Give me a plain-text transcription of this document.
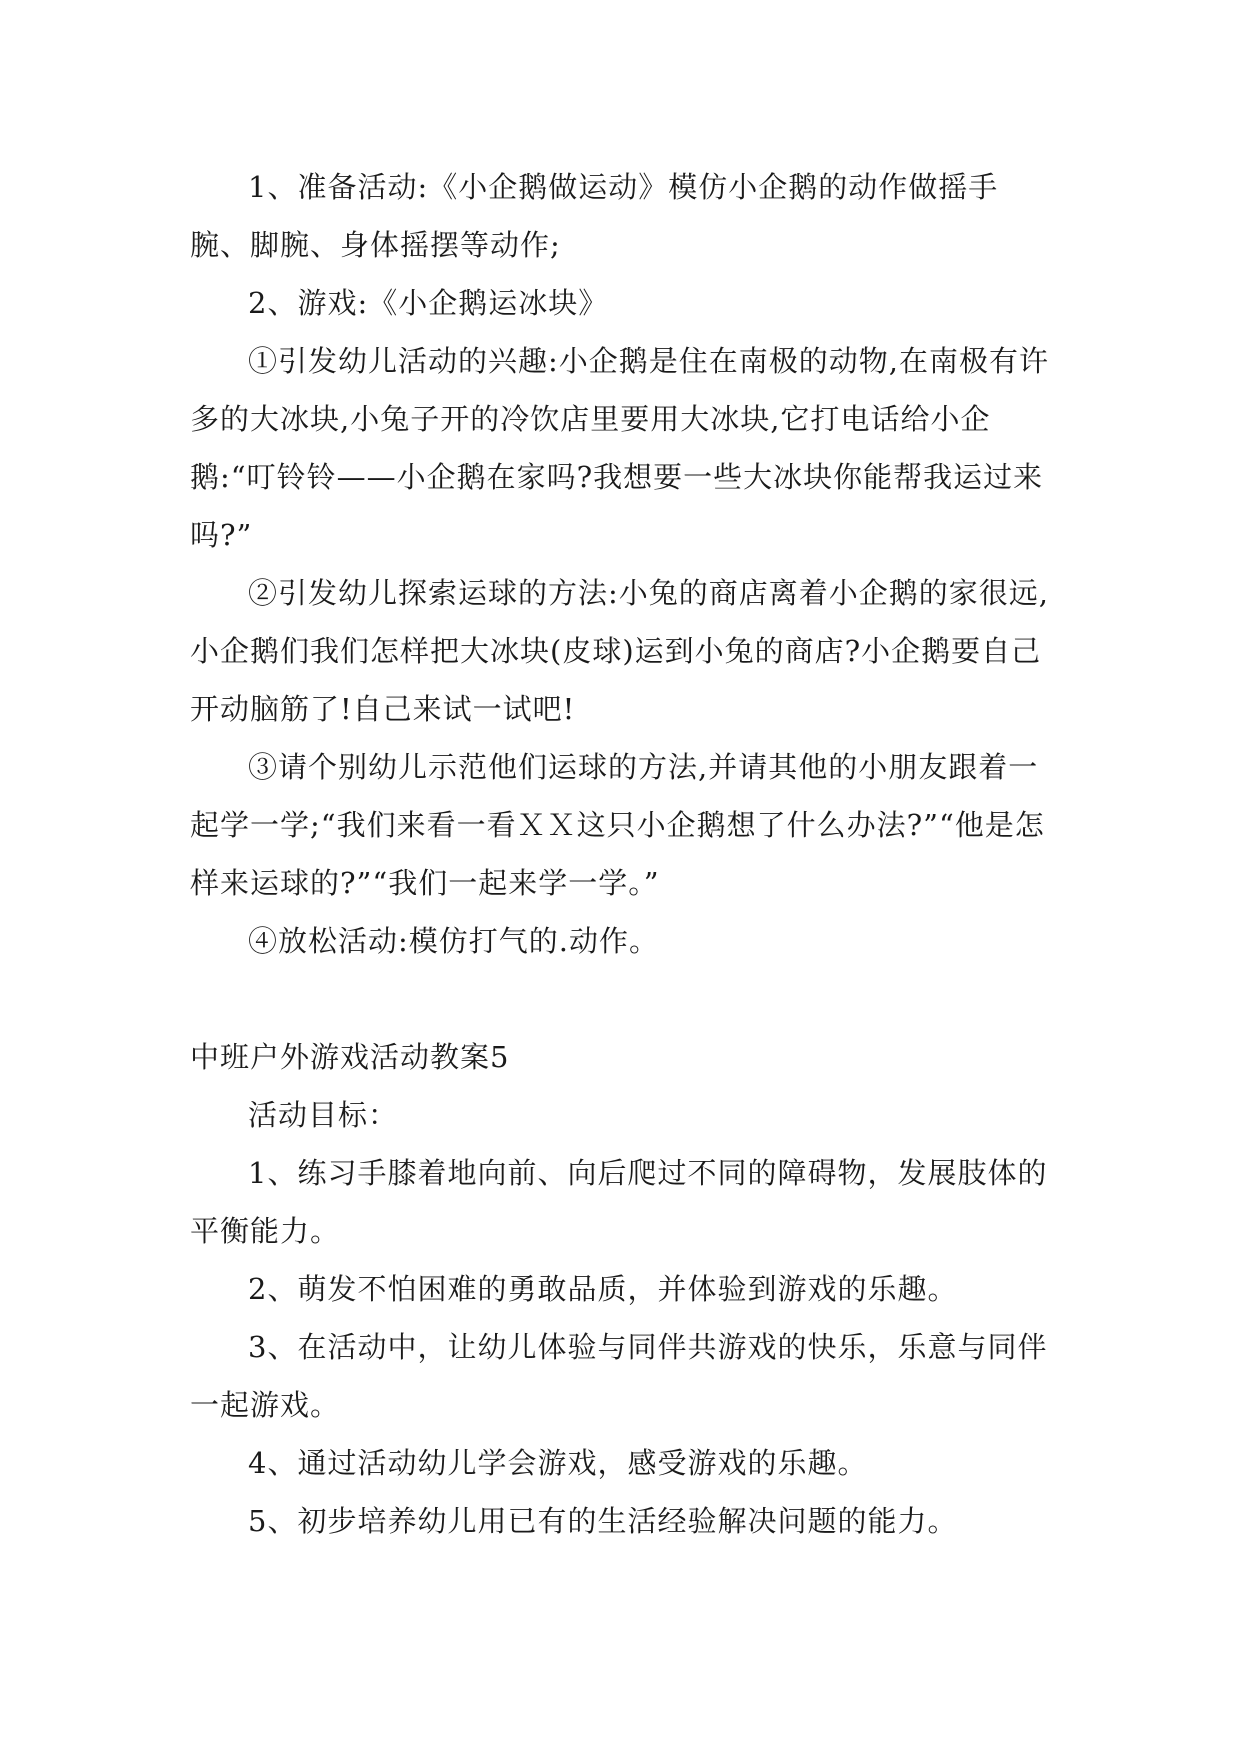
1、准备活动:《小企鹅做运动》模仿小企鹅的动作做摇手腕、脚腕、身体摇摆等动作;

2、游戏:《小企鹅运冰块》

①引发幼儿活动的兴趣:小企鹅是住在南极的动物,在南极有许多的大冰块,小兔子开的冷饮店里要用大冰块,它打电话给小企鹅:“叮铃铃——小企鹅在家吗?我想要一些大冰块你能帮我运过来吗?”

②引发幼儿探索运球的方法:小兔的商店离着小企鹅的家很远,小企鹅们我们怎样把大冰块(皮球)运到小兔的商店?小企鹅要自己开动脑筋了!自己来试一试吧!

③请个别幼儿示范他们运球的方法,并请其他的小朋友跟着一起学一学;“我们来看一看ＸＸ这只小企鹅想了什么办法?”“他是怎样来运球的?”“我们一起来学一学。”

④放松活动:模仿打气的.动作。

中班户外游戏活动教案5

活动目标：

1、练习手膝着地向前、向后爬过不同的障碍物，发展肢体的平衡能力。

2、萌发不怕困难的勇敢品质，并体验到游戏的乐趣。

3、在活动中，让幼儿体验与同伴共游戏的快乐，乐意与同伴一起游戏。

4、通过活动幼儿学会游戏，感受游戏的乐趣。

5、初步培养幼儿用已有的生活经验解决问题的能力。
